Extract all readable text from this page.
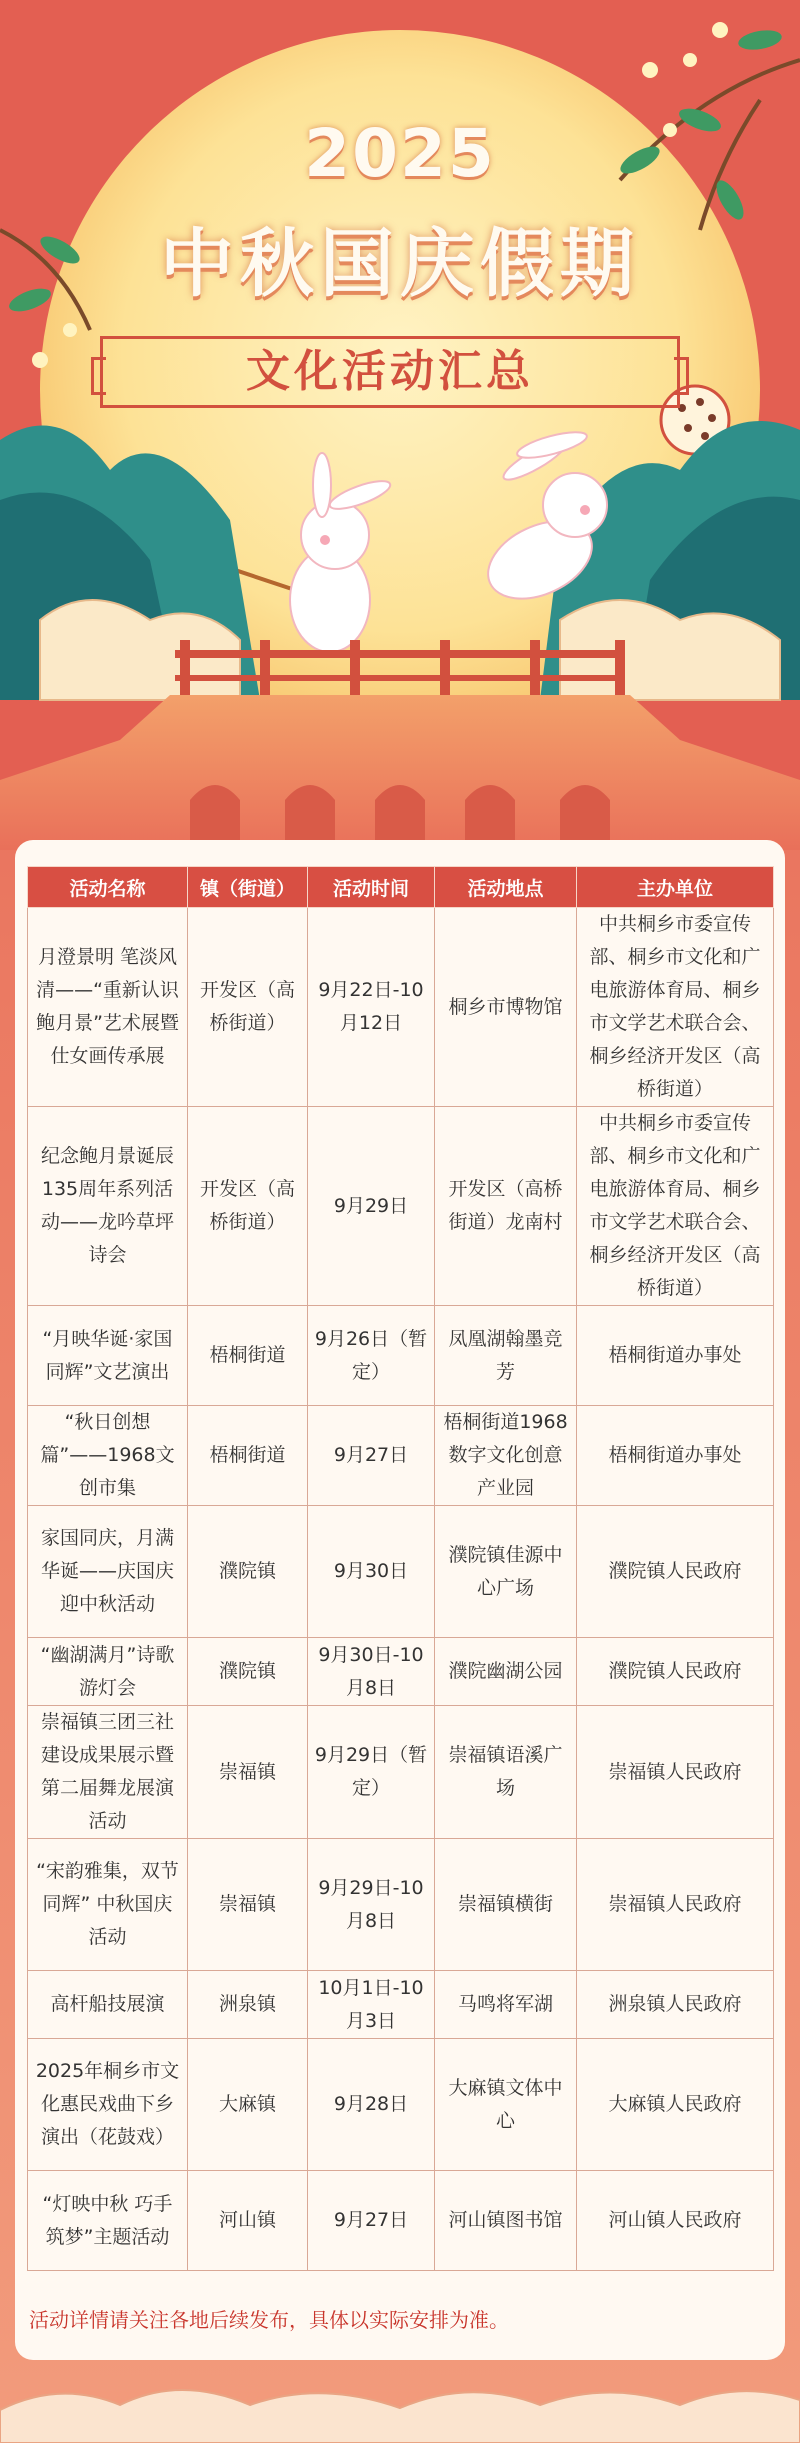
2025
中秋国庆假期
文化活动汇总
活动名称	镇（街道）	活动时间	活动地点	主办单位
月澄景明 笔淡风清——“重新认识鲍月景”艺术展暨仕女画传承展	开发区（高桥街道）	9月22日-10月12日	桐乡市博物馆	中共桐乡市委宣传部、桐乡市文化和广电旅游体育局、桐乡市文学艺术联合会、桐乡经济开发区（高桥街道）
纪念鲍月景诞辰135周年系列活动——龙吟草坪诗会	开发区（高桥街道）	9月29日	开发区（高桥街道）龙南村	中共桐乡市委宣传部、桐乡市文化和广电旅游体育局、桐乡市文学艺术联合会、桐乡经济开发区（高桥街道）
“月映华诞·家国同辉”文艺演出	梧桐街道	9月26日（暂定）	凤凰湖翰墨竞芳	梧桐街道办事处
“秋日创想篇”——1968文创市集	梧桐街道	9月27日	梧桐街道1968数字文化创意产业园	梧桐街道办事处
家国同庆，月满华诞——庆国庆 迎中秋活动	濮院镇	9月30日	濮院镇佳源中心广场	濮院镇人民政府
“幽湖满月”诗歌游灯会	濮院镇	9月30日-10月8日	濮院幽湖公园	濮院镇人民政府
崇福镇三团三社建设成果展示暨第二届舞龙展演活动	崇福镇	9月29日（暂定）	崇福镇语溪广场	崇福镇人民政府
“宋韵雅集，双节同辉” 中秋国庆活动	崇福镇	9月29日-10月8日	崇福镇横街	崇福镇人民政府
高杆船技展演	洲泉镇	10月1日-10月3日	马鸣将军湖	洲泉镇人民政府
2025年桐乡市文化惠民戏曲下乡演出（花鼓戏）	大麻镇	9月28日	大麻镇文体中心	大麻镇人民政府
“灯映中秋 巧手筑梦”主题活动	河山镇	9月27日	河山镇图书馆	河山镇人民政府
活动详情请关注各地后续发布，具体以实际安排为准。
